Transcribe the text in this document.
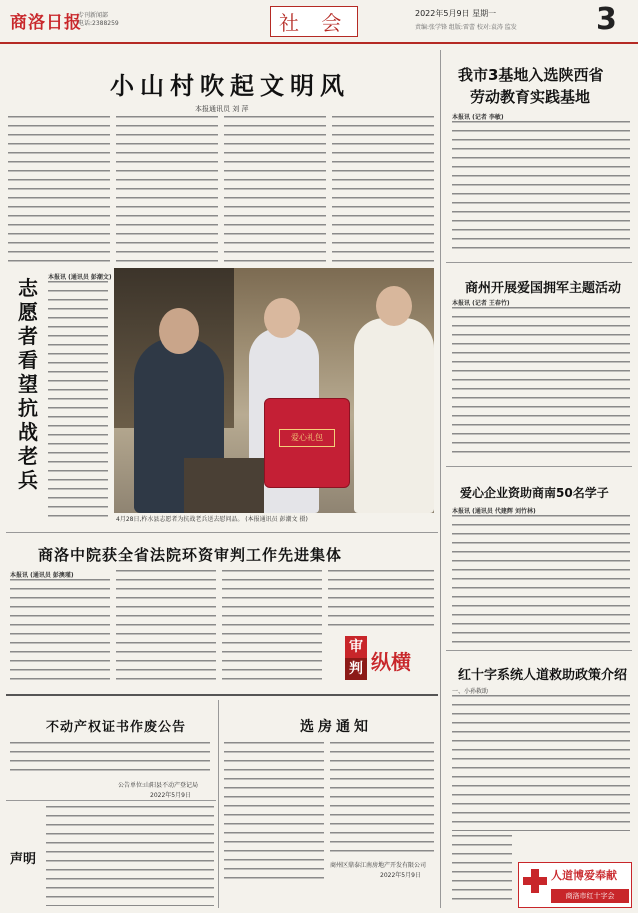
商洛日报
专刊新闻部
电话:2388259	社 会	2022年5月9日 星期一
责编:张学锋 组版:雷蕾 校对:袁涛 监发	3
小山村吹起文明风
本报通讯员 刘 萍
我市3基地入选陕西省
劳动教育实践基地
本报讯 (记者 李敏)
商州开展爱国拥军主题活动
本报讯 (记者 王春竹)
爱心企业资助商南50名学子
本报讯 (通讯员 代建辉 刘竹林)
红十字系统人道救助政策介绍
一、小孙救助
人道博爱奉献
商洛市红十字会
志愿者看望抗战老兵
本报讯 (通讯员 彭潮文)
爱心礼包
4月28日,柞水县志愿者为抗战老兵送去慰问品。 (本报通讯员 彭潮文 摄)
商洛中院获全省法院环资审判工作先进集体
本报讯 (通讯员 彭澳瑾)
审
判 纵横
不动产权证书作废公告
公告单位:山阳县不动产登记局
2022年5月9日
声明
选房通知
商州区鼎泰江南房地产开发有限公司
2022年5月9日
